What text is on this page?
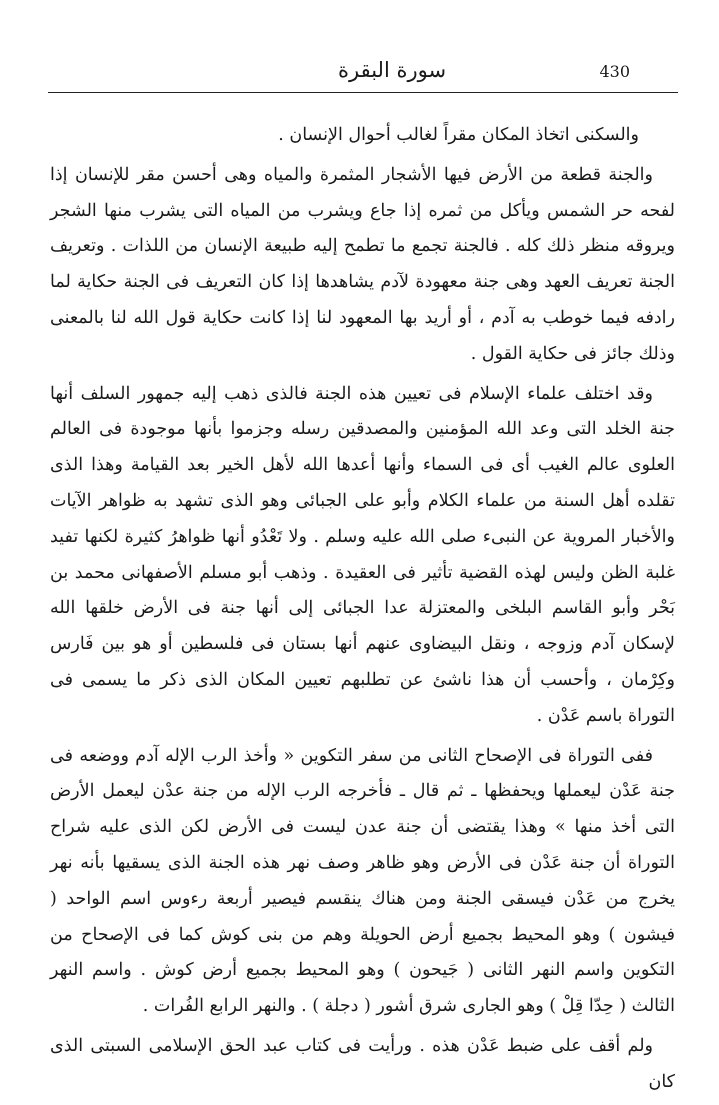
سورة البقرة	430

والسكنى اتخاذ المكان مقراً لغالب أحوال الإنسان .

والجنة قطعة من الأرض فيها الأشجار المثمرة والمياه وهى أحسن مقر للإنسان إذا لفحه حر الشمس ويأكل من ثمره إذا جاع ويشرب من المياه التى يشرب منها الشجر ويروقه منظر ذلك كله . فالجنة تجمع ما تطمح إليه طبيعة الإنسان من اللذات . وتعريف الجنة تعريف العهد وهى جنة معهودة لآدم يشاهدها إذا كان التعريف فى الجنة حكاية لما رادفه فيما خوطب به آدم ، أو أريد بها المعهود لنا إذا كانت حكاية قول الله لنا بالمعنى وذلك جائز فى حكاية القول .

وقد اختلف علماء الإسلام فى تعيين هذه الجنة فالذى ذهب إليه جمهور السلف أنها جنة الخلد التى وعد الله المؤمنين والمصدقين رسله وجزموا بأنها موجودة فى العالم العلوى عالم الغيب أى فى السماء وأنها أعدها الله لأهل الخير بعد القيامة وهذا الذى تقلده أهل السنة من علماء الكلام وأبو على الجبائى وهو الذى تشهد به ظواهر الآيات والأخبار المروية عن النبىء صلى الله عليه وسلم . ولا تَعْدُو أنها ظواهرُ كثيرة لكنها تفيد غلبة الظن وليس لهذه القضية تأثير فى العقيدة . وذهب أبو مسلم الأصفهانى محمد بن بَحْر وأبو القاسم البلخى والمعتزلة عدا الجبائى إلى أنها جنة فى الأرض خلقها الله لإسكان آدم وزوجه ، ونقل البيضاوى عنهم أنها بستان فى فلسطين أو هو بين فَارس وكِرْمان ، وأحسب أن هذا ناشئ عن تطلبهم تعيين المكان الذى ذكر ما يسمى فى التوراة باسم عَدْن .

ففى التوراة فى الإصحاح الثانى من سفر التكوين « وأخذ الرب الإله آدم ووضعه فى جنة عَدْن ليعملها ويحفظها ـ ثم قال ـ فأخرجه الرب الإله من جنة عدْن ليعمل الأرض التى أخذ منها » وهذا يقتضى أن جنة عدن ليست فى الأرض لكن الذى عليه شراح التوراة أن جنة عَدْن فى الأرض وهو ظاهر وصف نهر هذه الجنة الذى يسقيها بأنه نهر يخرج من عَدْن فيسقى الجنة ومن هناك ينقسم فيصير أربعة رءوس اسم الواحد ( فيشون ) وهو المحيط بجميع أرض الحويلة وهم من بنى كوش كما فى الإصحاح من التكوين واسم النهر الثانى ( جَيحون ) وهو المحيط بجميع أرض كوش . واسم النهر الثالث ( حِدّا قِلْ ) وهو الجارى شرق أشور ( دجلة ) . والنهر الرابع الفُرات .

ولم أقف على ضبط عَدْن هذه . ورأيت فى كتاب عبد الحق الإسلامى السبتى الذى كان
